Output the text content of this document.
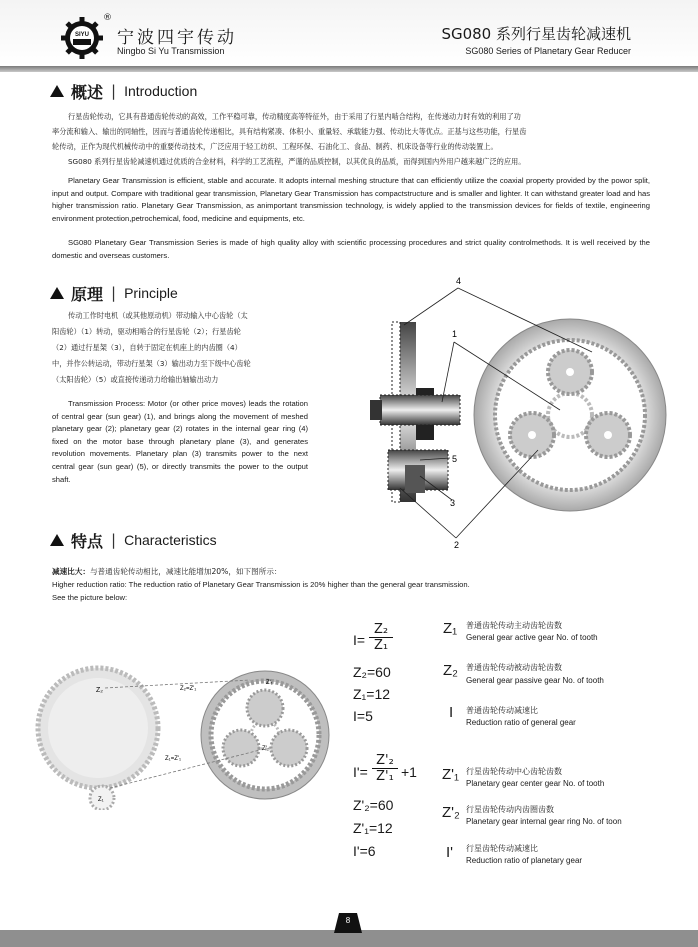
SIYU
®
宁波四宇传动
Ningbo Si Yu Transmission
SG080 系列行星齿轮减速机
SG080 Series of Planetary Gear Reducer
概述 | Introduction
行星齿轮传动，它具有普通齿轮传动的高效，工作平稳可靠，传动精度高等特征外，由于采用了行星内啮合结构，在传递动力时有效的利用了功
率分流和输入、输出的同轴性，因而与普通齿轮传递相比，具有结构紧凑、体积小、重量轻、承载能力强、传动比大等优点。正基与这些功能，行星齿
轮传动，正作为现代机械传动中的重要传动技术，广泛应用于轻工纺织、工程环保、石油化工、食品、制药、机床设备等行业的传动装置上。
SG080 系列行星齿轮减速机通过优质的合金材料，科学的工艺流程，严谨的品质控制，以其优良的品质，而得到国内外用户越来越广泛的应用。
Planetary Gear Transmission is efficient, stable and accurate. It adopts internal meshing structure that can efficiently utilize the coaxial property provided by the powor split, input and output. Compare with traditional gear transmission, Planetary Gear Transmission has compactstructure and is smaller and lighter. It can withstand greater load and has higher transmission ratio. Planetary Gear Transmission, as animportant transmission technology, is widely applied to the transmission devices for fields of textile, engineering environment protection,petrochemical, food, medicine and equipments, etc.
SG080 Planetary Gear Transmission Series is made of high quality alloy with scientific processing procedures and strict quality controlmethods. It is well received by the domestic and overseas customers.
原理 | Principle
传动工作时电机（或其他原动机）带动输入中心齿轮（太
阳齿轮）（1）转动，驱动相啮合的行星齿轮（2）；行星齿轮
（2）通过行星架（3），自转于固定在机座上的内齿圈（4）
中，并作公转运动，带动行星架（3）输出动力至下级中心齿轮
（太阳齿轮）（5）或直接传递动力给输出轴输出动力
Transmission Process: Motor (or other price moves) leads the rotation of central gear (sun gear) (1), and brings along the movement of meshed planetary gear (2); planetary gear (2) rotates in the internal gear ring (4) fixed on the motor base through planetary plane (3), and generates revolution movements. Planetary plan (3) transmits power to the next central gear (sun gear) (5), or directly transmits the power to the output shaft.
4
1
5
3
2
特点 | Characteristics
减速比大：与普通齿轮传动相比，减速比能增加20%，如下图所示：
Higher reduction ratio: The reduction ratio of Planetary Gear Transmission is 20% higher than the general gear transmission.
See the picture below:
Z₂
Z₁
Z₂=Z'₁
Z₁=Z'₁
Z'₁
Z'₂
$I= \frac{\text{Z₂}}{\text{Z₁}}$
Z₂=60
Z₁=12
I=5
$I'= \frac{\text{Z'₂}}{\text{Z'₁}} +1$
Z'₂=60
Z'₁=12
I'=6
Z₁ 普通齿轮传动主动齿轮齿数
General gear active gear No. of tooth
Z₂ 普通齿轮传动被动齿轮齿数
General gear passive gear No. of tooth
I 普通齿轮传动减速比
Reduction ratio of general gear
Z'₁ 行星齿轮传动中心齿轮齿数
Planetary gear center gear No. of tooth
Z'₂ 行星齿轮传动内齿圈齿数
Planetary gear internal gear ring No. of toon
I' 行星齿轮传动减速比
Reduction ratio of planetary gear
8
